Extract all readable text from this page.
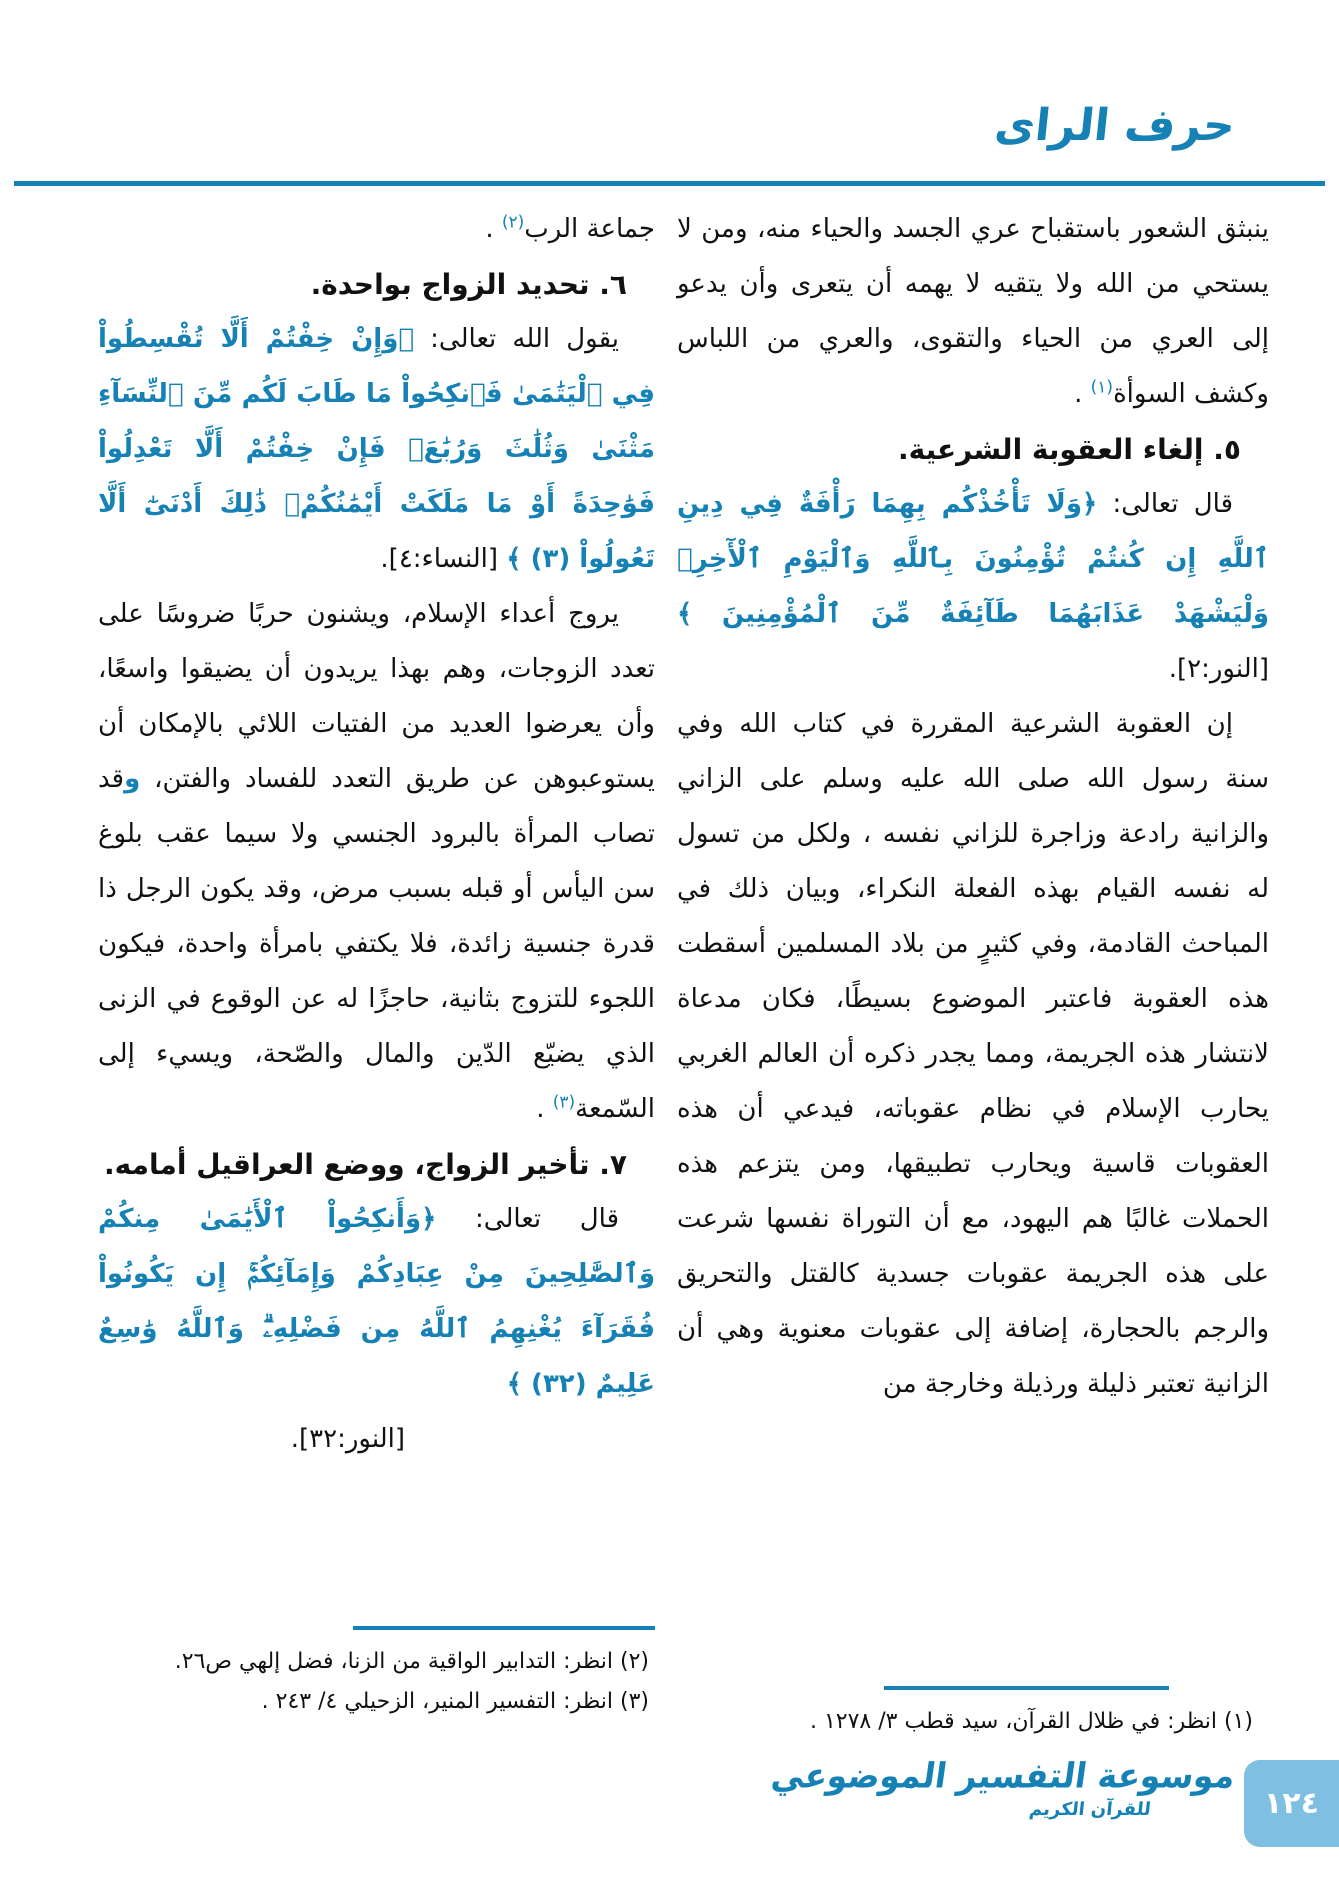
حرف الراى

ينبثق الشعور باستقباح عري الجسد والحياء منه، ومن لا يستحي من الله ولا يتقيه لا يهمه أن يتعرى وأن يدعو إلى العري من الحياء والتقوى، والعري من اللباس وكشف السوأة$^{(١)}$ .

٥. إلغاء العقوبة الشرعية.

قال تعالى: ﴿وَلَا تَأْخُذْكُم بِهِمَا رَأْفَةٌ فِي دِينِ ٱللَّهِ إِن كُنتُمْ تُؤْمِنُونَ بِٱللَّهِ وَٱلْيَوْمِ ٱلْأٓخِرِۖ وَلْيَشْهَدْ عَذَابَهُمَا طَآئِفَةٌ مِّنَ ٱلْمُؤْمِنِينَ ﴾ [النور:٢].

إن العقوبة الشرعية المقررة في كتاب الله وفي سنة رسول الله صلى الله عليه وسلم على الزاني والزانية رادعة وزاجرة للزاني نفسه ، ولكل من تسول له نفسه القيام بهذه الفعلة النكراء، وبيان ذلك في المباحث القادمة، وفي كثيرٍ من بلاد المسلمين أسقطت هذه العقوبة فاعتبر الموضوع بسيطًا، فكان مدعاة لانتشار هذه الجريمة، ومما يجدر ذكره أن العالم الغربي يحارب الإسلام في نظام عقوباته، فيدعي أن هذه العقوبات قاسية ويحارب تطبيقها، ومن يتزعم هذه الحملات غالبًا هم اليهود، مع أن التوراة نفسها شرعت على هذه الجريمة عقوبات جسدية كالقتل والتحريق والرجم بالحجارة، إضافة إلى عقوبات معنوية وهي أن الزانية تعتبر ذليلة ورذيلة وخارجة من

جماعة الرب$^{(٢)}$ .

٦. تحديد الزواج بواحدة.

يقول الله تعالى: ﴿وَإِنْ خِفْتُمْ أَلَّا تُقْسِطُواْ فِي ٱلْيَتَٰمَىٰ فَٱنكِحُواْ مَا طَابَ لَكُم مِّنَ ٱلنِّسَآءِ مَثْنَىٰ وَثُلَٰثَ وَرُبَٰعَۖ فَإِنْ خِفْتُمْ أَلَّا تَعْدِلُواْ فَوَٰحِدَةً أَوْ مَا مَلَكَتْ أَيْمَٰنُكُمْۚ ذَٰلِكَ أَدْنَىٰٓ أَلَّا تَعُولُواْ (٣) ﴾ [النساء:٤].

يروج أعداء الإسلام، ويشنون حربًا ضروسًا على تعدد الزوجات، وهم بهذا يريدون أن يضيقوا واسعًا، وأن يعرضوا العديد من الفتيات اللائي بالإمكان أن يستوعبوهن عن طريق التعدد للفساد والفتن، وقد تصاب المرأة بالبرود الجنسي ولا سيما عقب بلوغ سن اليأس أو قبله بسبب مرض، وقد يكون الرجل ذا قدرة جنسية زائدة، فلا يكتفي بامرأة واحدة، فيكون اللجوء للتزوج بثانية، حاجزًا له عن الوقوع في الزنى الذي يضيّع الدّين والمال والصّحة، ويسيء إلى السّمعة$^{(٣)}$ .

٧. تأخير الزواج، ووضع العراقيل أمامه.

قال تعالى: ﴿وَأَنكِحُواْ ٱلْأَيَٰمَىٰ مِنكُمْ وَٱلصَّٰلِحِينَ مِنْ عِبَادِكُمْ وَإِمَآئِكُمْۚ إِن يَكُونُواْ فُقَرَآءَ يُغْنِهِمُ ٱللَّهُ مِن فَضْلِهِۦۗ وَٱللَّهُ وَٰسِعٌ عَلِيمٌ (٣٢) ﴾

[النور:٣٢].

(٢) انظر: التدابير الواقية من الزنا، فضل إلهي ص٢٦.
(٣) انظر: التفسير المنير، الزحيلي ٤/ ٢٤٣ .
(١) انظر: في ظلال القرآن، سيد قطب ٣/ ١٢٧٨ .
موسوعة التفسير الموضوعي
للقرآن الكريم	١٢٤
